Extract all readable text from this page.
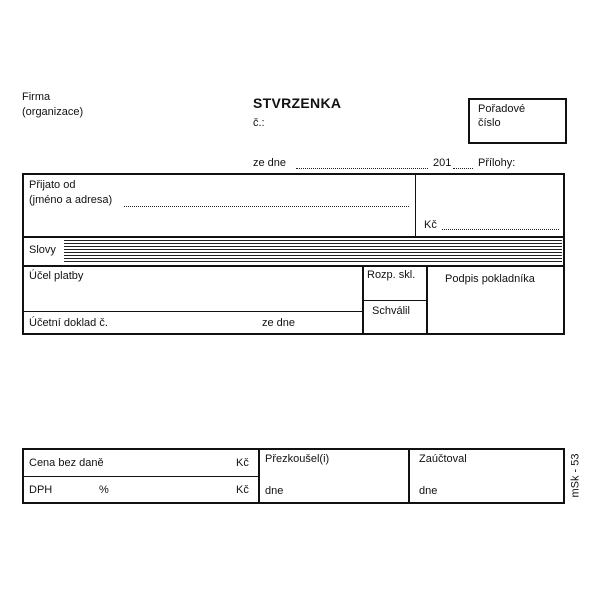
Firma
(organizace)
STVRZENKA
č.:
Pořadové
číslo
ze dne	201 Přílohy:
Přijato od
(jméno a adresa)
Kč
Slovy
Účel platby
Účetní doklad č.	ze dne
Rozp. skl.
Schválil
Podpis pokladníka
Cena bez daně	Kč
DPH	%	Kč
Přezkoušel(i)
dne
Zaúčtoval
dne	mSk - 53
